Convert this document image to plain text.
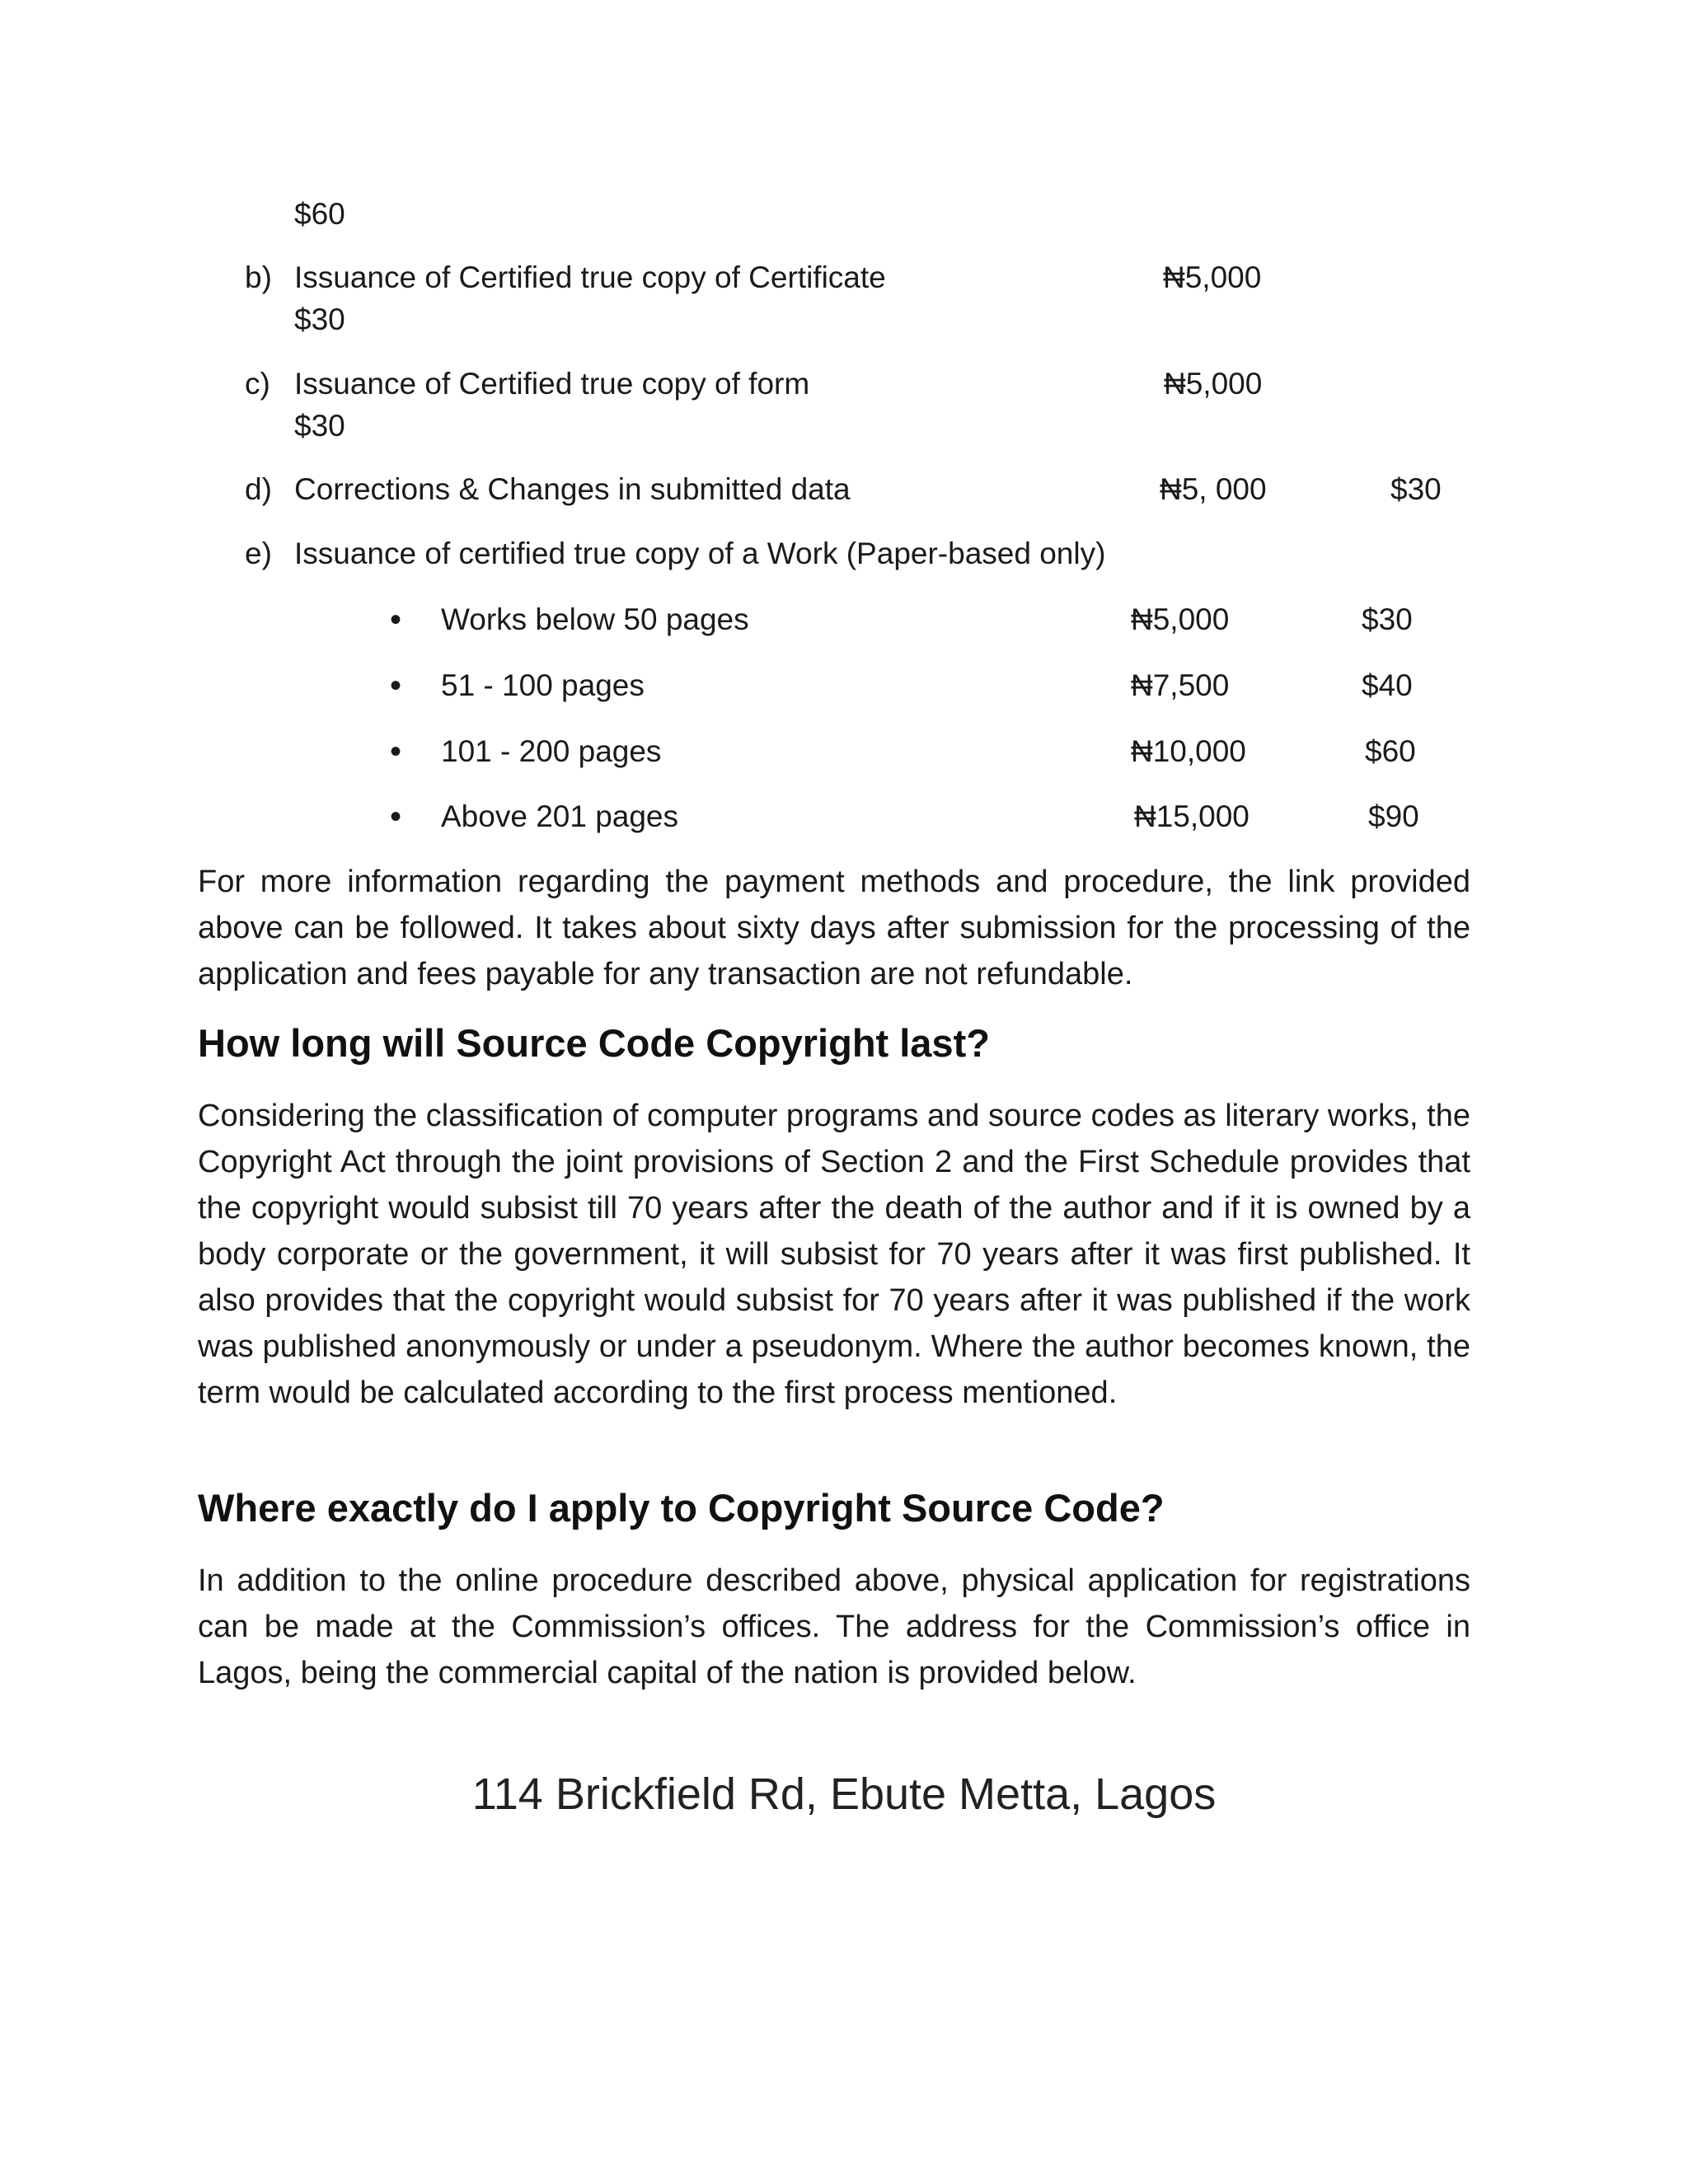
$60
b) Issuance of Certified true copy of Certificate	₦5,000
$30
c) Issuance of Certified true copy of form	₦5,000
$30
d) Corrections & Changes in submitted data	₦5, 000	$30
e) Issuance of certified true copy of a Work (Paper-based only)
• Works below 50 pages	₦5,000	$30
• 51 - 100 pages	₦7,500	$40
• 101 - 200 pages	₦10,000	$60
• Above 201 pages	₦15,000	$90
For more information regarding the payment methods and procedure, the link provided above can be followed. It takes about sixty days after submission for the processing of the application and fees payable for any transaction are not refundable.
How long will Source Code Copyright last?
Considering the classification of computer programs and source codes as literary works, the Copyright Act through the joint provisions of Section 2 and the First Schedule provides that the copyright would subsist till 70 years after the death of the author and if it is owned by a body corporate or the government, it will subsist for 70 years after it was first published. It also provides that the copyright would subsist for 70 years after it was published if the work was published anonymously or under a pseudonym. Where the author becomes known, the term would be calculated according to the first process mentioned.
Where exactly do I apply to Copyright Source Code?
In addition to the online procedure described above, physical application for registrations can be made at the Commission’s offices. The address for the Commission’s office in Lagos, being the commercial capital of the nation is provided below.
114 Brickfield Rd, Ebute Metta, Lagos
